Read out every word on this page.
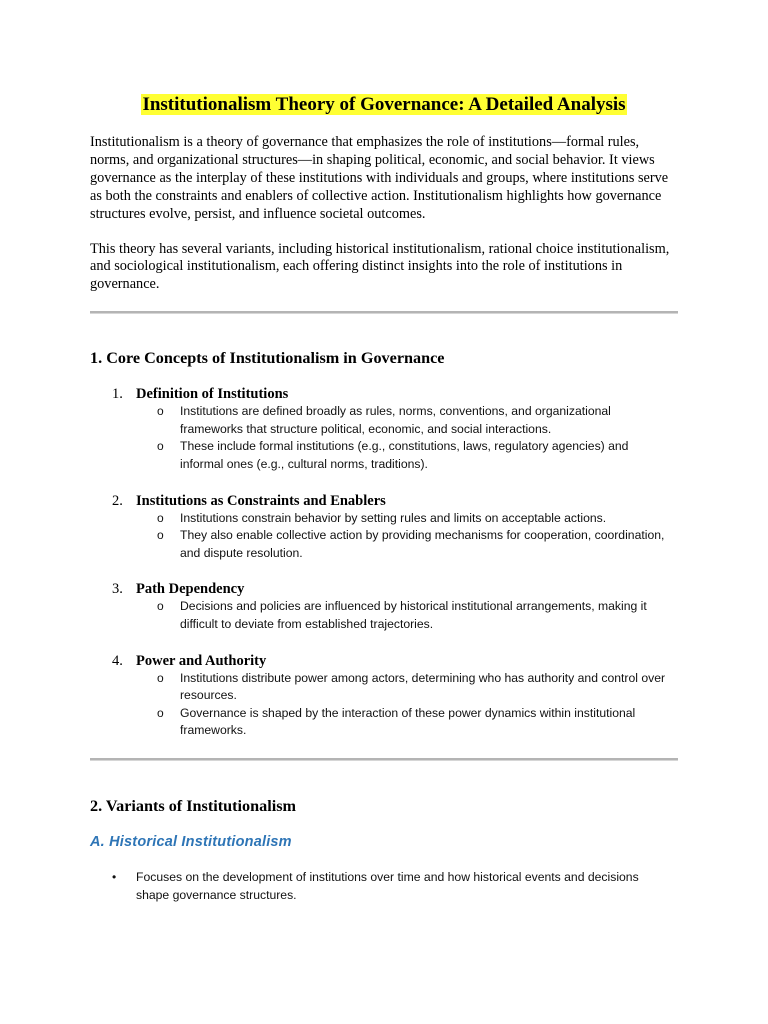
Institutionalism Theory of Governance: A Detailed Analysis

Institutionalism is a theory of governance that emphasizes the role of institutions—formal rules, norms, and organizational structures—in shaping political, economic, and social behavior. It views governance as the interplay of these institutions with individuals and groups, where institutions serve as both the constraints and enablers of collective action. Institutionalism highlights how governance structures evolve, persist, and influence societal outcomes.

This theory has several variants, including historical institutionalism, rational choice institutionalism, and sociological institutionalism, each offering distinct insights into the role of institutions in governance.

1. Core Concepts of Institutionalism in Governance
1. Definition of Institutions
o Institutions are defined broadly as rules, norms, conventions, and organizational frameworks that structure political, economic, and social interactions.
o These include formal institutions (e.g., constitutions, laws, regulatory agencies) and informal ones (e.g., cultural norms, traditions).
2. Institutions as Constraints and Enablers
o Institutions constrain behavior by setting rules and limits on acceptable actions.
o They also enable collective action by providing mechanisms for cooperation, coordination, and dispute resolution.
3. Path Dependency
o Decisions and policies are influenced by historical institutional arrangements, making it difficult to deviate from established trajectories.
4. Power and Authority
o Institutions distribute power among actors, determining who has authority and control over resources.
o Governance is shaped by the interaction of these power dynamics within institutional frameworks.
2. Variants of Institutionalism
A. Historical Institutionalism
• Focuses on the development of institutions over time and how historical events and decisions shape governance structures.
